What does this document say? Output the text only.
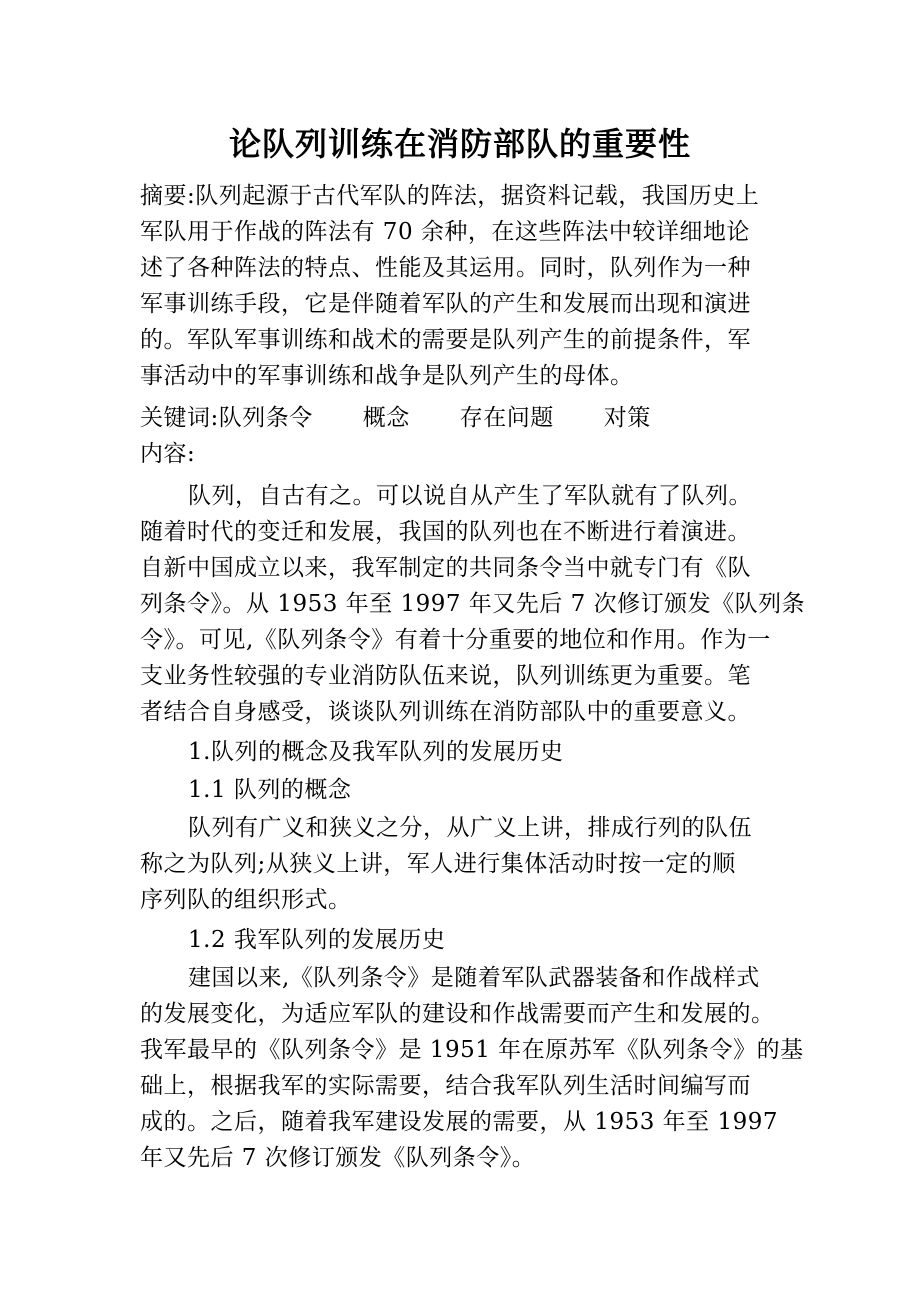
论队列训练在消防部队的重要性
摘要:队列起源于古代军队的阵法，据资料记载，我国历史上
军队用于作战的阵法有 70 余种，在这些阵法中较详细地论
述了各种阵法的特点、性能及其运用。同时，队列作为一种
军事训练手段，它是伴随着军队的产生和发展而出现和演进
的。军队军事训练和战术的需要是队列产生的前提条件，军
事活动中的军事训练和战争是队列产生的母体。
关键词:队列条令 概念 存在问题 对策
内容:
队列，自古有之。可以说自从产生了军队就有了队列。
随着时代的变迁和发展，我国的队列也在不断进行着演进。
自新中国成立以来，我军制定的共同条令当中就专门有《队
列条令》。从 1953 年至 1997 年又先后 7 次修订颁发《队列条
令》。可见,《队列条令》有着十分重要的地位和作用。作为一
支业务性较强的专业消防队伍来说，队列训练更为重要。笔
者结合自身感受，谈谈队列训练在消防部队中的重要意义。
1.队列的概念及我军队列的发展历史
1.1 队列的概念
队列有广义和狭义之分，从广义上讲，排成行列的队伍
称之为队列;从狭义上讲，军人进行集体活动时按一定的顺
序列队的组织形式。
1.2 我军队列的发展历史
建国以来,《队列条令》是随着军队武器装备和作战样式
的发展变化，为适应军队的建设和作战需要而产生和发展的。
我军最早的《队列条令》是 1951 年在原苏军《队列条令》的基
础上，根据我军的实际需要，结合我军队列生活时间编写而
成的。之后，随着我军建设发展的需要，从 1953 年至 1997
年又先后 7 次修订颁发《队列条令》。
